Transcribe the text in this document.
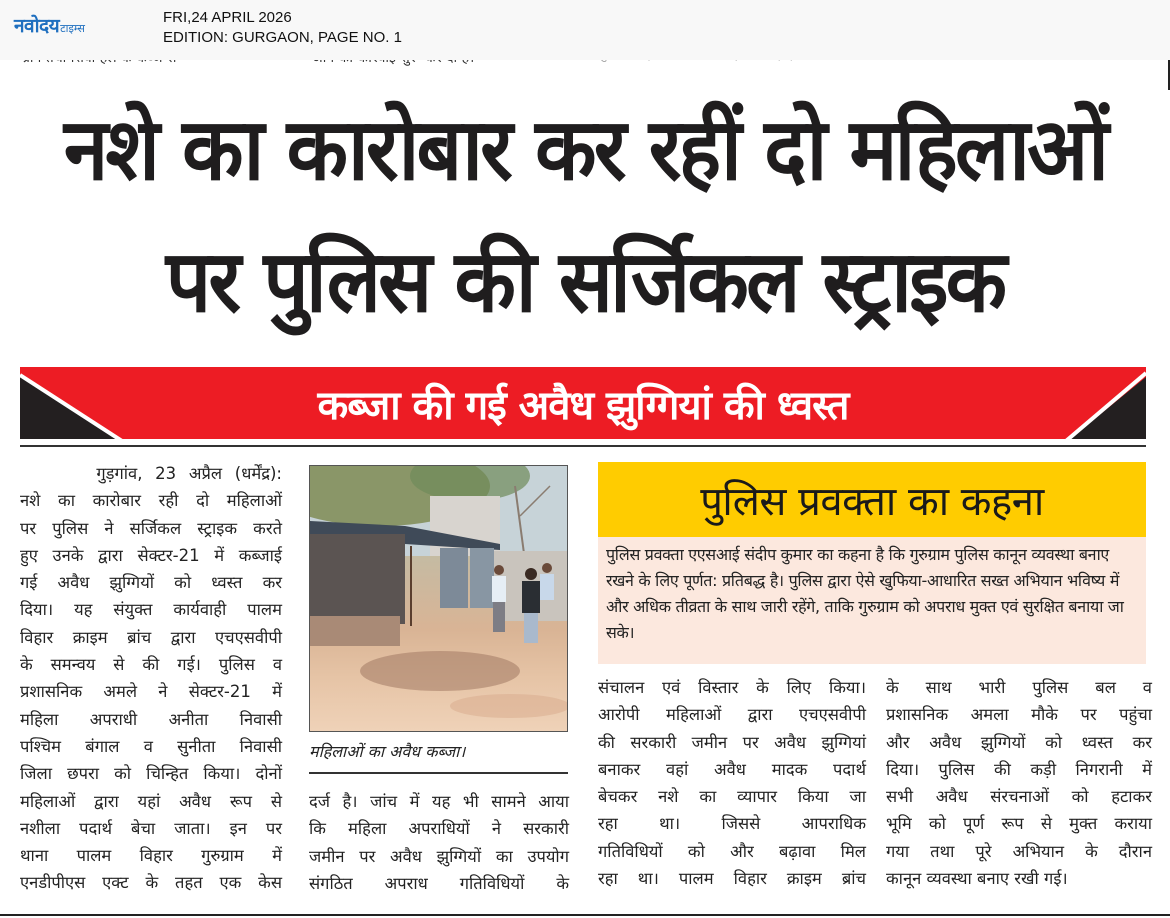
नवोदय टाइम्स
FRI,24 APRIL 2026
EDITION: GURGAON, PAGE NO. 1
नशे का कारोबार कर रहीं दो महिलाओं
पर पुलिस की सर्जिकल स्ट्राइक
कब्जा की गई अवैध झुग्गियां की ध्वस्त

गुड़गांव, 23 अप्रैल (धर्मेंद्र):

नशे का कारोबार रही दो महिलाओं

पर पुलिस ने सर्जिकल स्ट्राइक करते

हुए उनके द्वारा सेक्टर-21 में कब्जाई

गई अवैध झुग्गियों को ध्वस्त कर

दिया। यह संयुक्त कार्यवाही पालम

विहार क्राइम ब्रांच द्वारा एचएसवीपी

के समन्वय से की गई। पुलिस व

प्रशासनिक अमले ने सेक्टर-21 में

महिला अपराधी अनीता निवासी

पश्चिम बंगाल व सुनीता निवासी

जिला छपरा को चिन्हित किया। दोनों

महिलाओं द्वारा यहां अवैध रूप से

नशीला पदार्थ बेचा जाता। इन पर

थाना पालम विहार गुरुग्राम में

एनडीपीएस एक्ट के तहत एक केस

महिलाओं का अवैध कब्जा।

दर्ज है। जांच में यह भी सामने आया

कि महिला अपराधियों ने सरकारी

जमीन पर अवैध झुग्गियों का उपयोग

संगठित अपराध गतिविधियों के

पुलिस प्रवक्ता का कहना
पुलिस प्रवक्ता एएसआई संदीप कुमार का कहना है कि गुरुग्राम पुलिस कानून व्यवस्था बनाए रखने के लिए पूर्णत: प्रतिबद्ध है। पुलिस द्वारा ऐसे खुफिया-आधारित सख्त अभियान भविष्य में और अधिक तीव्रता के साथ जारी रहेंगे, ताकि गुरुग्राम को अपराध मुक्त एवं सुरक्षित बनाया जा सके।

संचालन एवं विस्तार के लिए किया।

आरोपी महिलाओं द्वारा एचएसवीपी

की सरकारी जमीन पर अवैध झुग्गियां

बनाकर वहां अवैध मादक पदार्थ

बेचकर नशे का व्यापार किया जा

रहा था। जिससे आपराधिक

गतिविधियों को और बढ़ावा मिल

रहा था। पालम विहार क्राइम ब्रांच

के साथ भारी पुलिस बल व

प्रशासनिक अमला मौके पर पहुंचा

और अवैध झुग्गियों को ध्वस्त कर

दिया। पुलिस की कड़ी निगरानी में

सभी अवैध संरचनाओं को हटाकर

भूमि को पूर्ण रूप से मुक्त कराया

गया तथा पूरे अभियान के दौरान

कानून व्यवस्था बनाए रखी गई।
